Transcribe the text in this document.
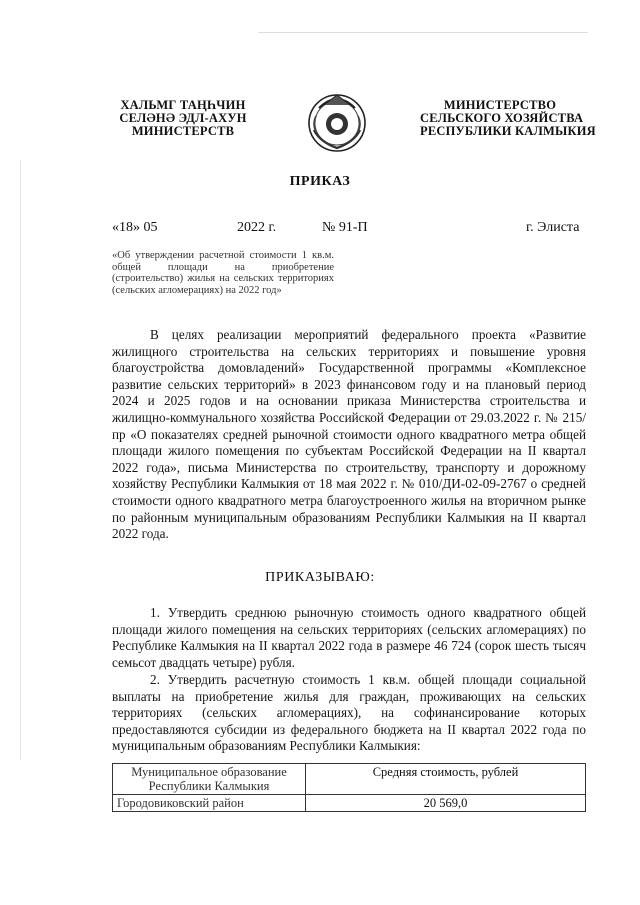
ХАЛЬМГ ТАҢҺЧИН
СЕЛӘНӘ ЭДЛ-АХУН
МИНИСТЕРСТВ
МИНИСТЕРСТВО
СЕЛЬСКОГО ХОЗЯЙСТВА
РЕСПУБЛИКИ КАЛМЫКИЯ
ПРИКАЗ
«18» 05	2022 г.	№ 91-П	г. Элиста
«Об утверждении расчетной стоимости 1 кв.м. общей площади на приобретение (строительство) жилья на сельских территориях (сельских агломерациях) на 2022 год»
В целях реализации мероприятий федерального проекта «Развитие жилищного строительства на сельских территориях и повышение уровня благоустройства домовладений» Государственной программы «Комплексное развитие сельских территорий» в 2023 финансовом году и на плановый период 2024 и 2025 годов и на основании приказа Министерства строительства и жилищно-коммунального хозяйства Российской Федерации от 29.03.2022 г. № 215/пр «О показателях средней рыночной стоимости одного квадратного метра общей площади жилого помещения по субъектам Российской Федерации на II квартал 2022 года», письма Министерства по строительству, транспорту и дорожному хозяйству Республики Калмыкия от 18 мая 2022 г. № 010/ДИ-02-09-2767 о средней стоимости одного квадратного метра благоустроенного жилья на вторичном рынке по районным муниципальным образованиям Республики Калмыкия на II квартал 2022 года.
ПРИКАЗЫВАЮ:
1. Утвердить среднюю рыночную стоимость одного квадратного общей площади жилого помещения на сельских территориях (сельских агломерациях) по Республике Калмыкия на II квартал 2022 года в размере 46 724 (сорок шесть тысяч семьсот двадцать четыре) рубля.
2. Утвердить расчетную стоимость 1 кв.м. общей площади социальной выплаты на приобретение жилья для граждан, проживающих на сельских территориях (сельских агломерациях), на софинансирование которых предоставляются субсидии из федерального бюджета на II квартал 2022 года по муниципальным образованиям Республики Калмыкия:
Муниципальное образование Республики Калмыкия	Средняя стоимость, рублей
Городовиковский район	20 569,0
